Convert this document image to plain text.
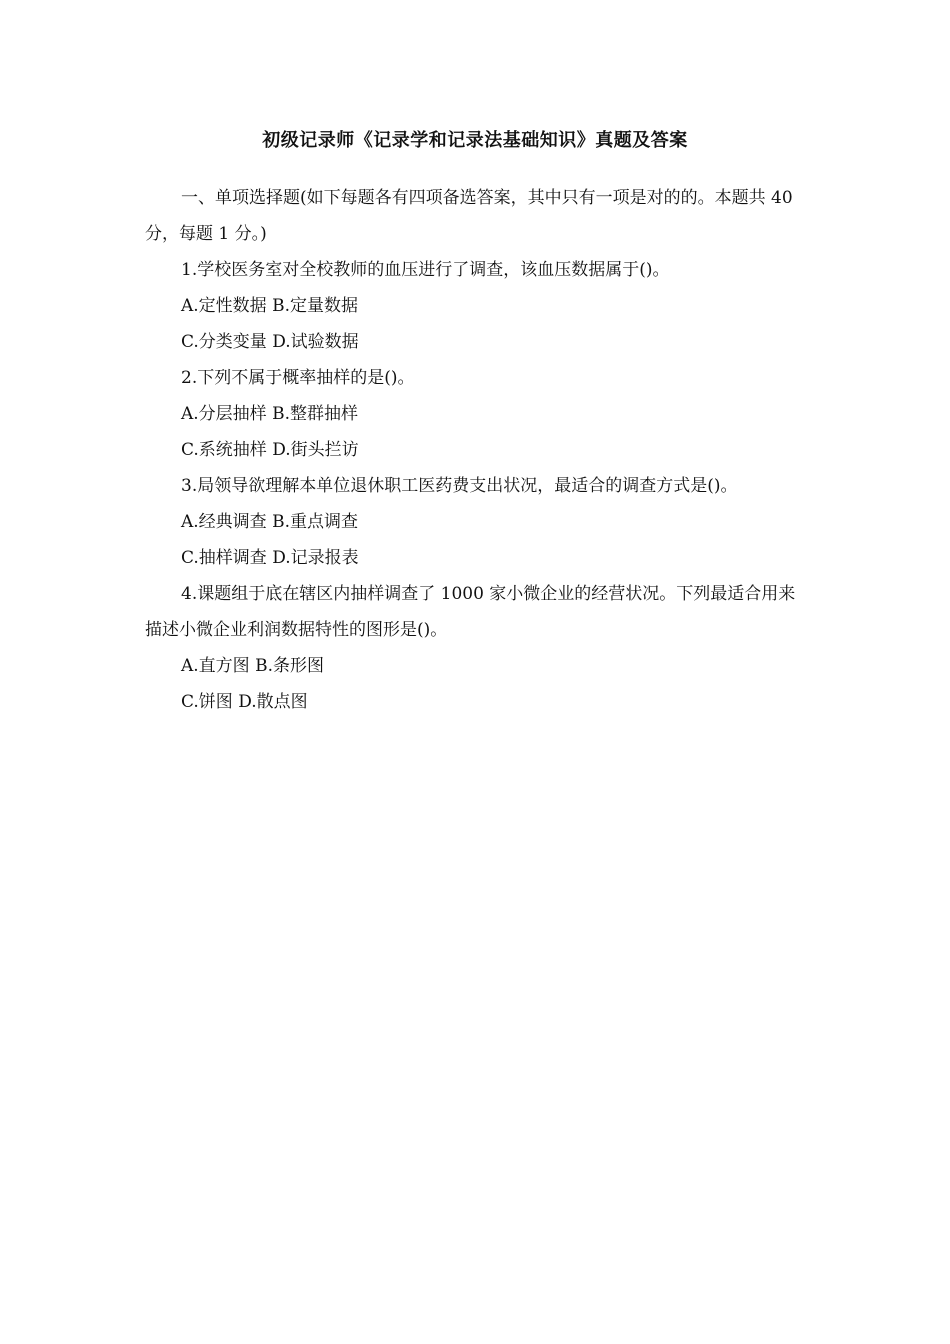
初级记录师《记录学和记录法基础知识》真题及答案

一、单项选择题(如下每题各有四项备选答案，其中只有一项是对的的。本题共 40 分，每题 1 分。)

1.学校医务室对全校教师的血压进行了调查，该血压数据属于()。

A.定性数据 B.定量数据

C.分类变量 D.试验数据

2.下列不属于概率抽样的是()。

A.分层抽样 B.整群抽样

C.系统抽样 D.街头拦访

3.局领导欲理解本单位退休职工医药费支出状况，最适合的调查方式是()。

A.经典调查 B.重点调查

C.抽样调查 D.记录报表

4.课题组于底在辖区内抽样调查了 1000 家小微企业的经营状况。下列最适合用来描述小微企业利润数据特性的图形是()。

A.直方图 B.条形图

C.饼图 D.散点图
